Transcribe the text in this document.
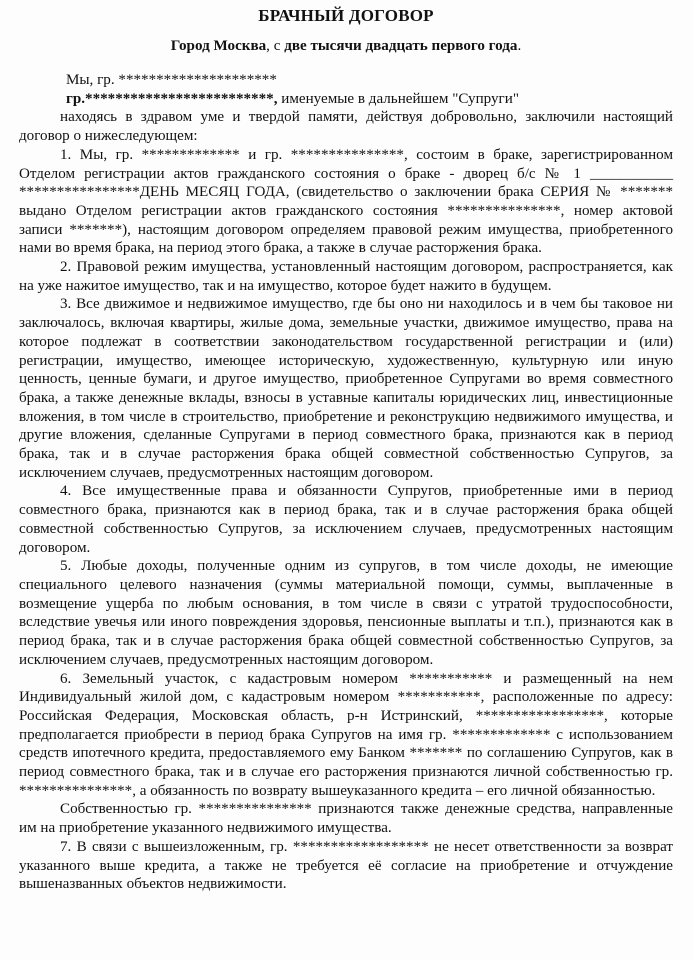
БРАЧНЫЙ ДОГОВОР
Город Москва, с две тысячи двадцать первого года.
Мы, гр. *********************
гр.*************************, именуемые в дальнейшем "Супруги"

находясь в здравом уме и твердой памяти, действуя добровольно, заключили настоящий договор о нижеследующем:

1. Мы, гр. ************* и гр. ***************, состоим в браке, зарегистрированном Отделом регистрации актов гражданского состояния о браке - дворец б/с № 1 ___________ ****************ДЕНЬ МЕСЯЦ ГОДА, (свидетельство о заключении брака СЕРИЯ № ******* выдано Отделом регистрации актов гражданского состояния ***************, номер актовой записи *******), настоящим договором определяем правовой режим имущества, приобретенного нами во время брака, на период этого брака, а также в случае расторжения брака.

2. Правовой режим имущества, установленный настоящим договором, распространяется, как на уже нажитое имущество, так и на имущество, которое будет нажито в будущем.

3. Все движимое и недвижимое имущество, где бы оно ни находилось и в чем бы таковое ни заключалось, включая квартиры, жилые дома, земельные участки, движимое имущество, права на которое подлежат в соответствии законодательством государственной регистрации и (или) регистрации, имущество, имеющее историческую, художественную, культурную или иную ценность, ценные бумаги, и другое имущество, приобретенное Супругами во время совместного брака, а также денежные вклады, взносы в уставные капиталы юридических лиц, инвестиционные вложения, в том числе в строительство, приобретение и реконструкцию недвижимого имущества, и другие вложения, сделанные Супругами в период совместного брака, признаются как в период брака, так и в случае расторжения брака общей совместной собственностью Супругов, за исключением случаев, предусмотренных настоящим договором.

4. Все имущественные права и обязанности Супругов, приобретенные ими в период совместного брака, признаются как в период брака, так и в случае расторжения брака общей совместной собственностью Супругов, за исключением случаев, предусмотренных настоящим договором.

5. Любые доходы, полученные одним из супругов, в том числе доходы, не имеющие специального целевого назначения (суммы материальной помощи, суммы, выплаченные в возмещение ущерба по любым основания, в том числе в связи с утратой трудоспособности, вследствие увечья или иного повреждения здоровья, пенсионные выплаты и т.п.), признаются как в период брака, так и в случае расторжения брака общей совместной собственностью Супругов, за исключением случаев, предусмотренных настоящим договором.

6. Земельный участок, с кадастровым номером *********** и размещенный на нем Индивидуальный жилой дом, с кадастровым номером ***********, расположенные по адресу: Российская Федерация, Московская область, р-н Истринский, *****************, которые предполагается приобрести в период брака Супругов на имя гр. ************* с использованием средств ипотечного кредита, предоставляемого ему Банком ******* по соглашению Супругов, как в период совместного брака, так и в случае его расторжения признаются личной собственностью гр. ***************, а обязанность по возврату вышеуказанного кредита – его личной обязанностью.

Собственностью гр. *************** признаются также денежные средства, направленные им на приобретение указанного недвижимого имущества.

7. В связи с вышеизложенным, гр. ****************** не несет ответственности за возврат указанного выше кредита, а также не требуется её согласие на приобретение и отчуждение вышеназванных объектов недвижимости.
